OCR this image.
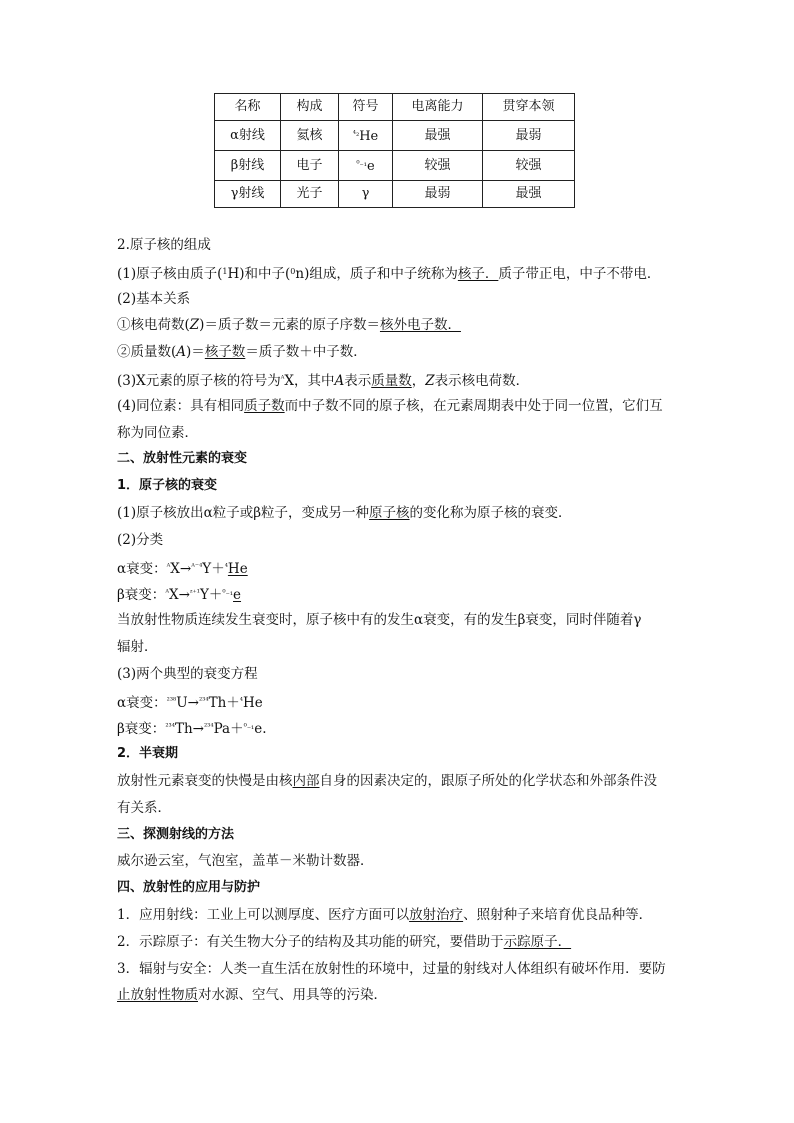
名称	构成	符号	电离能力	贯穿本领
α射线	氦核	$^{^4_2}$He	最强	最弱
β射线	电子	$^{^0_{-1}}$e	较强	较强
γ射线	光子	γ	最弱	最强

2.原子核的组成

(1)原子核由质子($^1$H)和中子($^0$n)组成，质子和中子统称为核子．质子带正电，中子不带电．

(2)基本关系

①核电荷数(Z)＝质子数＝元素的原子序数＝核外电子数．

②质量数(A)＝核子数＝质子数＋中子数．

(3)X元素的原子核的符号为$^ᴬ$X，其中A表示质量数，Z表示核电荷数．

(4)同位素：具有相同质子数而中子数不同的原子核，在元素周期表中处于同一位置，它们互

称为同位素．

二、放射性元素的衰变

1．原子核的衰变

(1)原子核放出α粒子或β粒子，变成另一种原子核的变化称为原子核的衰变．

(2)分类

α衰变：$^ᴬ$X→$^{ᴬ^{-4}}$Y＋$^{^4}$He

β衰变：$^ᴬ$X→$^{ᶻ^{+1}}$Y＋$^{^0_{-1}}$e

当放射性物质连续发生衰变时，原子核中有的发生α衰变，有的发生β衰变，同时伴随着γ

辐射．

(3)两个典型的衰变方程

α衰变：$^{^{238}}$U→$^{^{234}}$Th＋$^{^4}$He

β衰变：$^{^{234}}$Th→$^{^{234}}$Pa＋$^{^0_{-1}}$e.

2．半衰期

放射性元素衰变的快慢是由核内部自身的因素决定的，跟原子所处的化学状态和外部条件没

有关系．

三、探测射线的方法

威尔逊云室，气泡室，盖革－米勒计数器．

四、放射性的应用与防护

1．应用射线：工业上可以测厚度、医疗方面可以放射治疗、照射种子来培育优良品种等．

2．示踪原子：有关生物大分子的结构及其功能的研究，要借助于示踪原子．

3．辐射与安全：人类一直生活在放射性的环境中，过量的射线对人体组织有破坏作用．要防

止放射性物质对水源、空气、用具等的污染．
